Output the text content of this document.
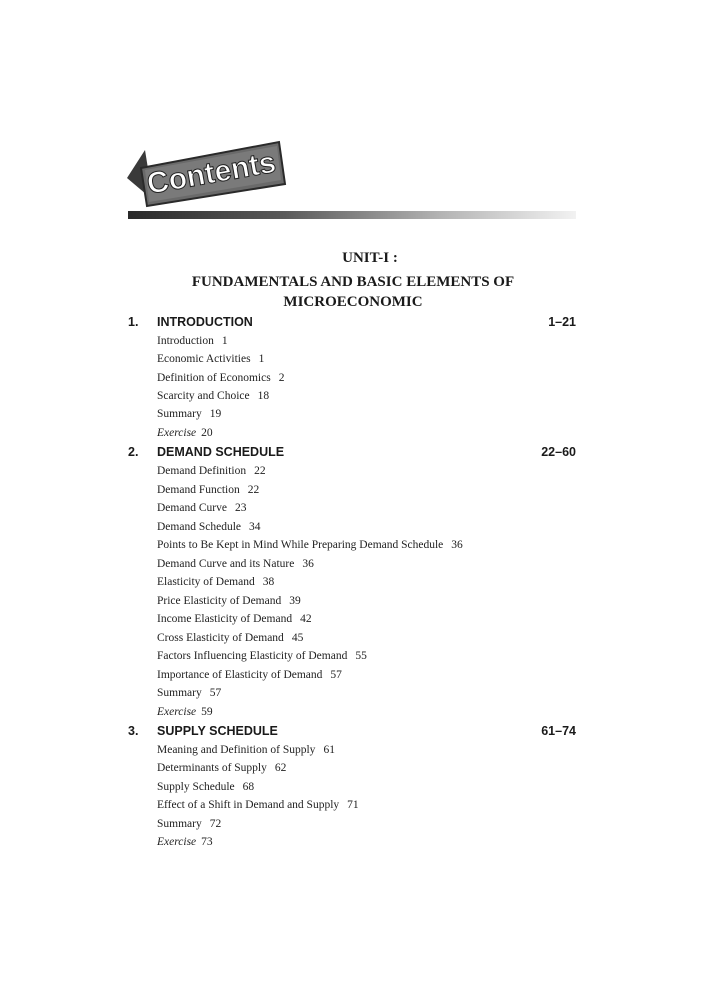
Contents
UNIT-I :
FUNDAMENTALS AND BASIC ELEMENTS OF
MICROECONOMIC
1. INTRODUCTION	1–21
Introduction 1
Economic Activities 1
Definition of Economics 2
Scarcity and Choice 18
Summary 19
Exercise 20
2. DEMAND SCHEDULE	22–60
Demand Definition 22
Demand Function 22
Demand Curve 23
Demand Schedule 34
Points to Be Kept in Mind While Preparing Demand Schedule 36
Demand Curve and its Nature 36
Elasticity of Demand 38
Price Elasticity of Demand 39
Income Elasticity of Demand 42
Cross Elasticity of Demand 45
Factors Influencing Elasticity of Demand 55
Importance of Elasticity of Demand 57
Summary 57
Exercise 59
3. SUPPLY SCHEDULE	61–74
Meaning and Definition of Supply 61
Determinants of Supply 62
Supply Schedule 68
Effect of a Shift in Demand and Supply 71
Summary 72
Exercise 73
